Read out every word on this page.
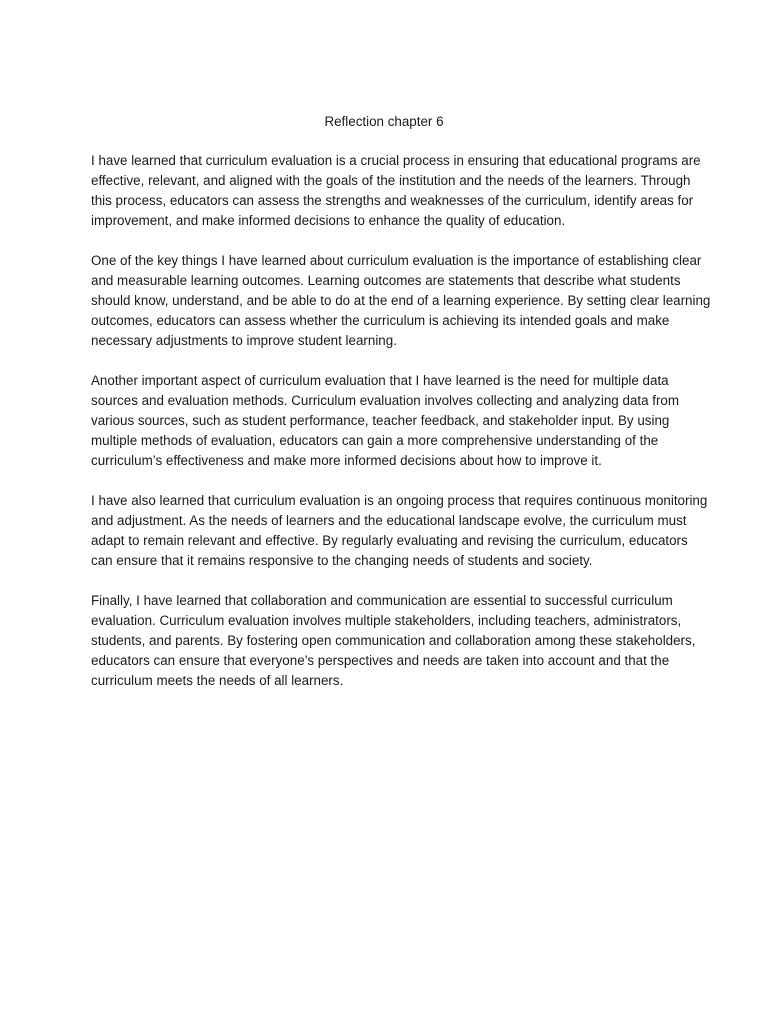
Reflection chapter 6

I have learned that curriculum evaluation is a crucial process in ensuring that educational programs are
effective, relevant, and aligned with the goals of the institution and the needs of the learners. Through
this process, educators can assess the strengths and weaknesses of the curriculum, identify areas for
improvement, and make informed decisions to enhance the quality of education.

One of the key things I have learned about curriculum evaluation is the importance of establishing clear
and measurable learning outcomes. Learning outcomes are statements that describe what students
should know, understand, and be able to do at the end of a learning experience. By setting clear learning
outcomes, educators can assess whether the curriculum is achieving its intended goals and make
necessary adjustments to improve student learning.

Another important aspect of curriculum evaluation that I have learned is the need for multiple data
sources and evaluation methods. Curriculum evaluation involves collecting and analyzing data from
various sources, such as student performance, teacher feedback, and stakeholder input. By using
multiple methods of evaluation, educators can gain a more comprehensive understanding of the
curriculum’s effectiveness and make more informed decisions about how to improve it.

I have also learned that curriculum evaluation is an ongoing process that requires continuous monitoring
and adjustment. As the needs of learners and the educational landscape evolve, the curriculum must
adapt to remain relevant and effective. By regularly evaluating and revising the curriculum, educators
can ensure that it remains responsive to the changing needs of students and society.

Finally, I have learned that collaboration and communication are essential to successful curriculum
evaluation. Curriculum evaluation involves multiple stakeholders, including teachers, administrators,
students, and parents. By fostering open communication and collaboration among these stakeholders,
educators can ensure that everyone’s perspectives and needs are taken into account and that the
curriculum meets the needs of all learners.
